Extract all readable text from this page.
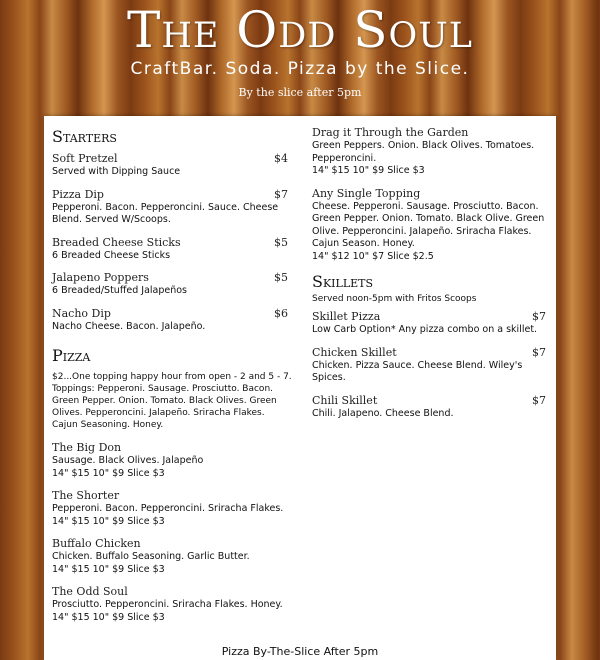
The Odd Soul
CraftBar. Soda. Pizza by the Slice.
By the slice after 5pm
Starters
Soft Pretzel	$4
Served with Dipping Sauce
Pizza Dip	$7
Pepperoni. Bacon. Pepperoncini. Sauce. Cheese Blend. Served W/Scoops.
Breaded Cheese Sticks	$5
6 Breaded Cheese Sticks
Jalapeno Poppers	$5
6 Breaded/Stuffed Jalapeños
Nacho Dip	$6
Nacho Cheese. Bacon. Jalapeño.
Pizza
$2...One topping happy hour from open - 2 and 5 - 7. Toppings: Pepperoni. Sausage. Prosciutto. Bacon. Green Pepper. Onion. Tomato. Black Olives. Green Olives. Pepperoncini. Jalapeño. Sriracha Flakes. Cajun Seasoning. Honey.
The Big Don
Sausage. Black Olives. Jalapeño
14" $15 10" $9 Slice $3
The Shorter
Pepperoni. Bacon. Pepperoncini. Sriracha Flakes.
14" $15 10" $9 Slice $3
Buffalo Chicken
Chicken. Buffalo Seasoning. Garlic Butter.
14" $15 10" $9 Slice $3
The Odd Soul
Prosciutto. Pepperoncini. Sriracha Flakes. Honey.
14" $15 10" $9 Slice $3
Drag it Through the Garden
Green Peppers. Onion. Black Olives. Tomatoes. Pepperoncini.
14" $15 10" $9 Slice $3
Any Single Topping
Cheese. Pepperoni. Sausage. Prosciutto. Bacon. Green Pepper. Onion. Tomato. Black Olive. Green Olive. Pepperoncini. Jalapeño. Sriracha Flakes. Cajun Season. Honey.
14" $12 10" $7 Slice $2.5
Skillets
Served noon-5pm with Fritos Scoops
Skillet Pizza	$7
Low Carb Option* Any pizza combo on a skillet.
Chicken Skillet	$7
Chicken. Pizza Sauce. Cheese Blend. Wiley's Spices.
Chili Skillet	$7
Chili. Jalapeno. Cheese Blend.
Pizza By-The-Slice After 5pm
